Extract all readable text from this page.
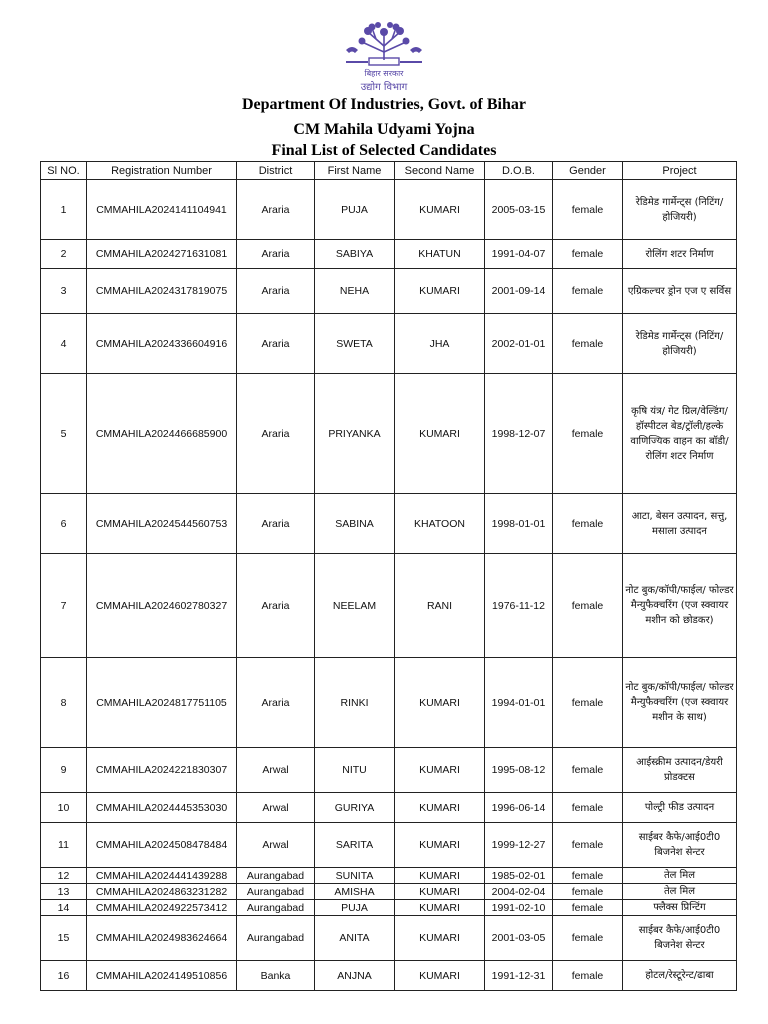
बिहार सरकार
उद्योग विभाग
Department Of Industries, Govt. of Bihar
CM Mahila Udyami Yojna
Final List of Selected Candidates
Sl NO.	Registration Number	District	First Name	Second Name	D.O.B.	Gender	Project
1	CMMAHILA2024141104941	Araria	PUJA	KUMARI	2005-03-15	female	रेडिमेड गार्मेन्ट्स (निटिंग/होजियरी)
2	CMMAHILA2024271631081	Araria	SABIYA	KHATUN	1991-04-07	female	रोलिंग शटर निर्माण
3	CMMAHILA2024317819075	Araria	NEHA	KUMARI	2001-09-14	female	एग्रिकल्चर ड्रोन एज ए सर्विस
4	CMMAHILA2024336604916	Araria	SWETA	JHA	2002-01-01	female	रेडिमेड गार्मेन्ट्स (निटिंग/होजियरी)
5	CMMAHILA2024466685900	Araria	PRIYANKA	KUMARI	1998-12-07	female	कृषि यंत्र/ गेट ग्रिल/वेल्डिंग/ हॉस्पीटल बेड/ट्रॉली/हल्के वाणिज्यिक वाहन का बॉडी/रोलिंग शटर निर्माण
6	CMMAHILA2024544560753	Araria	SABINA	KHATOON	1998-01-01	female	आटा, बेसन उत्पादन, सत्तु, मसाला उत्पादन
7	CMMAHILA2024602780327	Araria	NEELAM	RANI	1976-11-12	female	नोट बुक/कॉपी/फाईल/ फोल्डर मैन्युफैक्चरिंग (एज स्क्वायर मशीन को छोडकर)
8	CMMAHILA2024817751105	Araria	RINKI	KUMARI	1994-01-01	female	नोट बुक/कॉपी/फाईल/ फोल्डर मैन्युफैक्चरिंग (एज स्क्वायर मशीन के साथ)
9	CMMAHILA2024221830307	Arwal	NITU	KUMARI	1995-08-12	female	आईस्क्रीम उत्पादन/डेयरी प्रोडक्टस
10	CMMAHILA2024445353030	Arwal	GURIYA	KUMARI	1996-06-14	female	पोल्ट्री फीड उत्पादन
11	CMMAHILA2024508478484	Arwal	SARITA	KUMARI	1999-12-27	female	साईबर कैफे/आई0टी0 बिजनेश सेन्टर
12	CMMAHILA2024441439288	Aurangabad	SUNITA	KUMARI	1985-02-01	female	तेल मिल
13	CMMAHILA2024863231282	Aurangabad	AMISHA	KUMARI	2004-02-04	female	तेल मिल
14	CMMAHILA2024922573412	Aurangabad	PUJA	KUMARI	1991-02-10	female	फ्लैक्स प्रिन्टिंग
15	CMMAHILA2024983624664	Aurangabad	ANITA	KUMARI	2001-03-05	female	साईबर कैफे/आई0टी0 बिजनेश सेन्टर
16	CMMAHILA2024149510856	Banka	ANJNA	KUMARI	1991-12-31	female	होटल/रेस्टूरेन्ट/ढाबा
